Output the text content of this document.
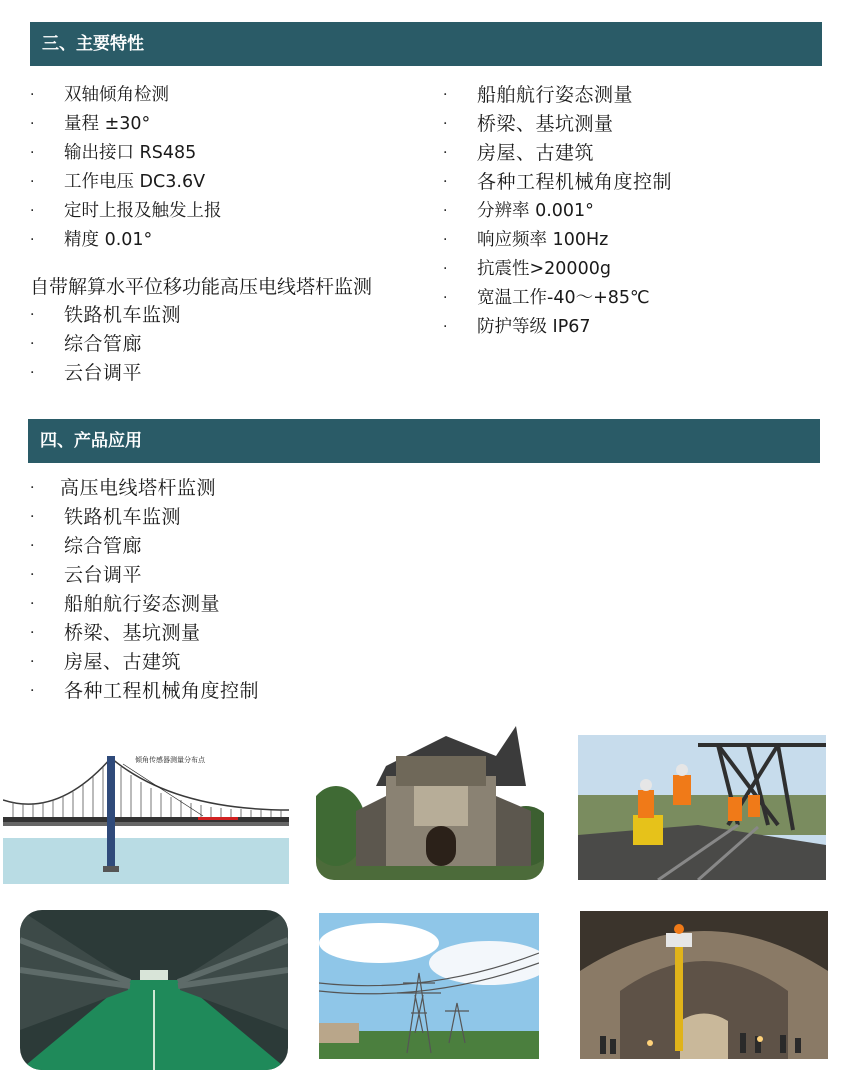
三、主要特性
·	双轴倾角检测
·	量程 ±30°
·	输出接口 RS485
·	工作电压 DC3.6V
·	定时上报及触发上报
·	精度 0.01°
自带解算水平位移功能高压电线塔杆监测
· 铁路机车监测
· 综合管廊
· 云台调平
· 船舶航行姿态测量
· 桥梁、基坑测量
· 房屋、古建筑
· 各种工程机械角度控制
·	分辨率 0.001°
·	响应频率 100Hz
·	抗震性>20000g
·	宽温工作-40～+85℃
·	防护等级 IP67
四、产品应用
· 高压电线塔杆监测
· 铁路机车监测
· 综合管廊
· 云台调平
· 船舶航行姿态测量
· 桥梁、基坑测量
· 房屋、古建筑
· 各种工程机械角度控制
倾角传感器测量分布点
